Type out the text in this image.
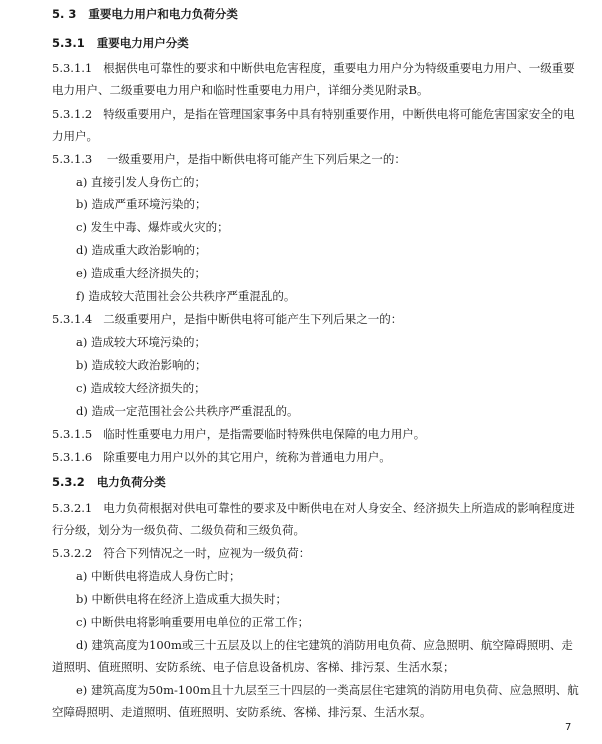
5. 3 重要电力用户和电力负荷分类
5.3.1 重要电力用户分类
5.3.1.1 根据供电可靠性的要求和中断供电危害程度，重要电力用户分为特级重要电力用户、一级重要
电力用户、二级重要电力用户和临时性重要电力用户，详细分类见附录B。
5.3.1.2 特级重要用户，是指在管理国家事务中具有特别重要作用，中断供电将可能危害国家安全的电
力用户。
5.3.1.3 一级重要用户，是指中断供电将可能产生下列后果之一的：
a) 直接引发人身伤亡的；
b) 造成严重环境污染的；
c) 发生中毒、爆炸或火灾的；
d) 造成重大政治影响的；
e) 造成重大经济损失的；
f) 造成较大范围社会公共秩序严重混乱的。
5.3.1.4 二级重要用户，是指中断供电将可能产生下列后果之一的：
a) 造成较大环境污染的；
b) 造成较大政治影响的；
c) 造成较大经济损失的；
d) 造成一定范围社会公共秩序严重混乱的。
5.3.1.5 临时性重要电力用户，是指需要临时特殊供电保障的电力用户。
5.3.1.6 除重要电力用户以外的其它用户，统称为普通电力用户。
5.3.2 电力负荷分类
5.3.2.1 电力负荷根据对供电可靠性的要求及中断供电在对人身安全、经济损失上所造成的影响程度进
行分级，划分为一级负荷、二级负荷和三级负荷。
5.3.2.2 符合下列情况之一时，应视为一级负荷：
a) 中断供电将造成人身伤亡时；
b) 中断供电将在经济上造成重大损失时；
c) 中断供电将影响重要用电单位的正常工作；
d) 建筑高度为100m或三十五层及以上的住宅建筑的消防用电负荷、应急照明、航空障碍照明、走
道照明、值班照明、安防系统、电子信息设备机房、客梯、排污泵、生活水泵；
e) 建筑高度为50m-100m且十九层至三十四层的一类高层住宅建筑的消防用电负荷、应急照明、航
空障碍照明、走道照明、值班照明、安防系统、客梯、排污泵、生活水泵。
7
